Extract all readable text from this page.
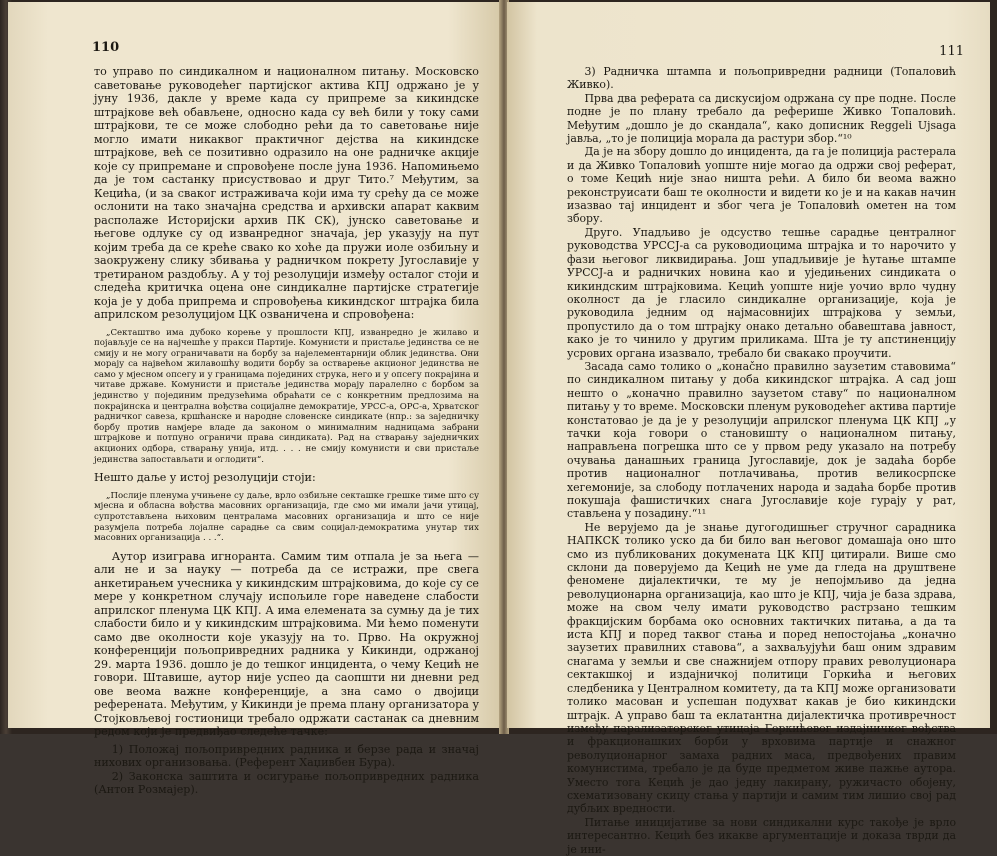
110

то управо по синдикалном и националном питању. Московско саветовање руководећег партијског актива КПЈ одржано је у јуну 1936, дакле у време када су припреме за кикиндске штрајкове већ обављене, односно када су већ били у току сами штрајкови, те се може слободно рећи да то саветовање није могло имати никаквог практичног дејства на кикиндске штрајкове, већ се позитивно одразило на оне радничке акције које су припремане и спровођене после јуна 1936. Напомињемо да је том састанку присуствовао и друг Тито.⁷ Међутим, за Кецића, (и за сваког истраживача који има ту срећу да се може ослонити на тако значајна средства и архивски апарат каквим располаже Историјски архив ПК СК), јунско саветовање и његове одлуке су од изванредног значаја, јер указују на пут којим треба да се креће свако ко хоће да пружи иоле озбиљну и заокружену слику збивања у радничком покрету Југославије у третираном раздобљу. А у тој резолуцији између осталог стоји и следећа критичка оцена оне синдикалне партијске стратегије која је у доба припрема и спровођења кикиндског штрајка била априлском резолуцијом ЦК озваничена и спровођена:

„Секташтво има дубоко корење у прошлости КПЈ, изванредно је жилаво и појављује се на најчешће у пракси Партије. Комунисти и пристаље јединства се не смију и не могу ограничавати на борбу за најелементарнији облик јединства. Они морају са највећом жилавошћу водити борбу за остварење акционог јединства не само у мјесном опсегу и у границама појединих струка, него и у опсегу покрајина и читаве државе. Комунисти и пристаље јединства морају паралелно с борбом за јединство у појединим предузећима обраћати се с конкретним предлозима на покрајинска и централна вођства социјалне демократије, УРСС-а, ОРС-а, Хрватског радничког савеза, кршћанске и народне словенске синдикате (нпр.: за заједничку борбу против намјере владе да законом о минималним надницама забрани штрајкове и потпуно ограничи права синдиката). Рад на стварању заједничких акционих одбора, стварању унија, итд. . . . не смију комунисти и сви пристаље јединства запостављати и оглодити“.

Нешто даље у истој резолуцији стоји:

„Послије пленума учињене су даље, врло озбиљне секташке грешке тиме што су мјесна и обласна вођства масовних организација, где смо ми имали јачи утицај, супротстављена њиховим централама масовних организација и што се није разумјела потреба лојалне сарадње са свим социјал-демократима унутар тих масовних организација . . .“.

Аутор изиграва игноранта. Самим тим отпала је за њега — али не и за науку — потреба да се истражи, пре свега анкетирањем учесника у кикиндским штрајковима, до које су се мере у конкретном случају испољиле горе наведене слабости априлског пленума ЦК КПЈ. А има елемената за сумњу да је тих слабости било и у кикиндским штрајковима. Ми ћемо поменути само две околности које указују на то. Прво. На окружној конференцији пољопривредних радника у Кикинди, одржаној 29. марта 1936. дошло је до тешког инцидента, о чему Кецић не говори. Штавише, аутор није успео да саопшти ни дневни ред ове веома важне конференције, а зна само о двојици референата. Међутим, у Кикинди је према плану организатора у Стојковљевој гостионици требало одржати састанак са дневним редом који је предвиђао следеће тачке:

1) Положај пољопривредних радника и берзе рада и значај нихових организовања. (Референт Хаџивбен Бура).

2) Законска заштита и осигурање пољопривредних радника (Антон Розмаjер).

111

3) Радничка штампа и пољопривредни радници (Топаловић Живко).

Прва два реферата са дискусијом одржана су пре подне. После подне је по плану требало да реферише Живко Топаловић. Међутим „дошло је до скандала“, како дописник Reggeli Ujsaga јавља, „то је полиција морала да растури збор.“¹⁰

Да је на збору дошло до инцидента, да га је полиција растерала и да Живко Топаловић уопште није могао да одржи свој реферат, о томе Кецић није знао ништа рећи. А било би веома важно реконструисати баш те околности и видети ко је и на какав начин изазвао тај инцидент и због чега је Топаловић ометен на том збору.

Друго. Упадљиво је одсуство тешње сарадње централног руководства УРССЈ-а са руководиоцима штрајка и то нарочито у фази његовог ликвидирања. Још упадљивије је ћутање штампе УРССЈ-а и радничких новина као и уједињених синдиката о кикиндским штрајковима. Кецић уопште није уочио врло чудну околност да је гласило синдикалне организације, која је руководила једним од најмасовнијих штрајкова у земљи, пропустило да о том штрајку онако детаљно обавештава јавност, како је то чинило у другим приликама. Шта је ту апстиненцију усрових органа изазвало, требало би свакако проучити.

Засада само толико о „конačно правилно заузетим ставовима“ по синдикалном питању у доба кикиндског штрајка. А сад још нешто о „коначно правилно заузетом ставу“ по националном питању у то време. Московски пленум руководећег актива партије констатовао је да је у резолуцији априлског пленума ЦК КПЈ „у тачки која говори о становишту о националном питању, направљена погрешка што се у првом реду указало на потребу очувања данашњих граница Југославије, док је задаћа борбе против националног потлачивања, против великосрпске хегемоније, за слободу потлачених народа и задаћа борбе против покушаја фашистичких снага Југославије које гурају у рат, стављена у позадину.“¹¹

Не верујемо да је знање дугогодишњег стручног сарадника НАПКСК толико уско да би било ван његовог домашаја оно што смо из публикованих докумената ЦК КПЈ цитирали. Више смо склони да поверујемо да Кецић не уме да гледа на друштвене феномене дијалектички, те му је непојмљиво да једна револуционарна организација, као што је КПЈ, чија је база здрава, може на свом челу имати руководство растрзано тешким фракцијским борбама око основних тактичких питања, а да та иста КПЈ и поред таквог стања и поред непостојања „коначно заузетих правилних ставова“, а захваљујући баш оним здравим снагама у земљи и све снажнијем отпору правих револуционара сектакшкој и издајничкој политици Горкића и његових следбеника у Централном комитету, да та КПЈ може организовати толико масован и успешан подухват какав је био кикиндски штрајк. А управо баш та еклатантна дијалектичка противречност између парализаторског утицаја Горкићевог издајничког вођства и фракционашких борби у врховима партије и снажног револуционарног замаха радних маса, предвођених правим комунистима, требало је да буде предметом живе пажње аутора. Уместо тога Кецић је дао једну лакирану, ружичасто обојену, схематизовану скицу стања у партији и самим тим лишио свој рад дубљих вредности.

Питање иницијативе за нови синдикални курс такође је врло интересантно. Кецић без икакве аргументације и доказа тврди да је ини-
